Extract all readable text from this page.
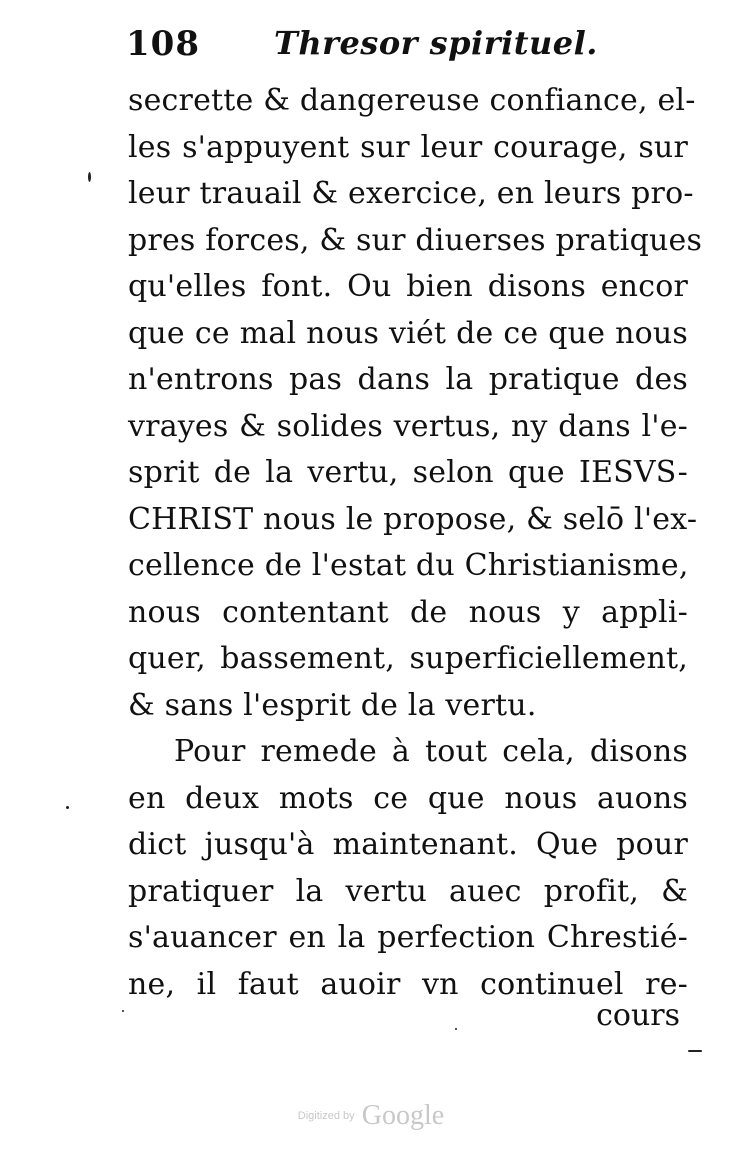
108 Thresor spirituel.
secrette & dangereuse confiance, el-
les s'appuyent sur leur courage, sur
leur trauail & exercice, en leurs pro-
pres forces, & sur diuerses pratiques
qu'elles font. Ou bien disons encor
que ce mal nous viét de ce que nous
n'entrons pas dans la pratique des
vrayes & solides vertus, ny dans l'e-
sprit de la vertu, selon que IESVS-
CHRIST nous le propose, & selō l'ex-
cellence de l'estat du Christianisme,
nous contentant de nous y appli-
quer, bassement, superficiellement,
& sans l'esprit de la vertu.
Pour remede à tout cela, disons
en deux mots ce que nous auons
dict jusqu'à maintenant. Que pour
pratiquer la vertu auec profit, &
s'auancer en la perfection Chrestié-
ne, il faut auoir vn continuel re-
cours
Digitized by Google
